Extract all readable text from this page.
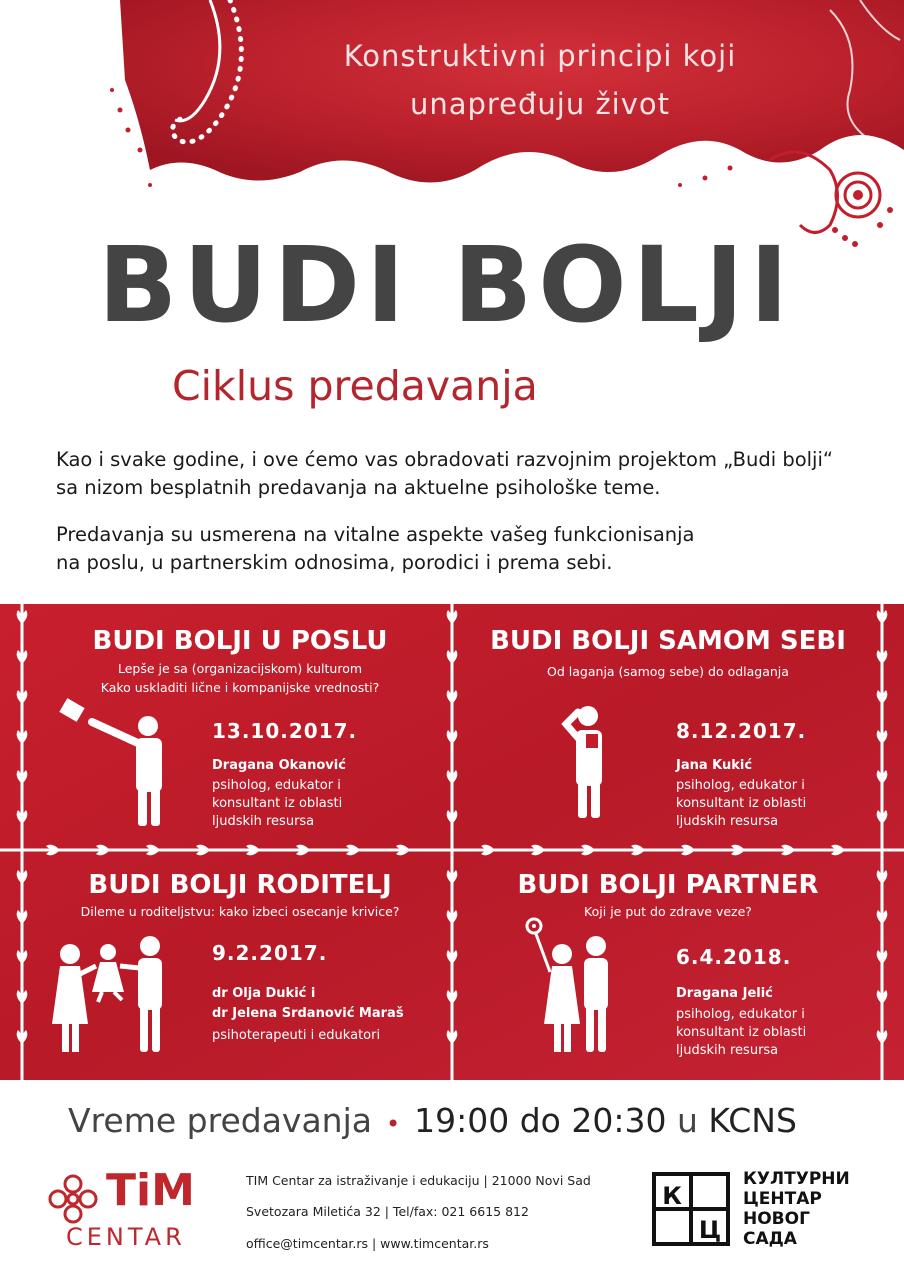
Konstruktivni principi koji
unapređuju život
BUDI BOLJI
Ciklus predavanja
Kao i svake godine, i ove ćemo vas obradovati razvojnim projektom „Budi bolji“
sa nizom besplatnih predavanja na aktuelne psihološke teme.
Predavanja su usmerena na vitalne aspekte vašeg funkcionisanja
na poslu, u partnerskim odnosima, porodici i prema sebi.
BUDI BOLJI U POSLU
Lepše je sa (organizacijskom) kulturom
Kako uskladiti lične i kompanijske vrednosti?
13.10.2017.
Dragana Okanović
psiholog, edukator i
konsultant iz oblasti
ljudskih resursa
BUDI BOLJI SAMOM SEBI
Od laganja (samog sebe) do odlaganja
8.12.2017.
Jana Kukić
psiholog, edukator i
konsultant iz oblasti
ljudskih resursa
BUDI BOLJI RODITELJ
Dileme u roditeljstvu: kako izbeci osecanje krivice?
9.2.2017.
dr Olja Dukić i
dr Jelena Srdanović Maraš
psihoterapeuti i edukatori
BUDI BOLJI PARTNER
Koji je put do zdrave veze?
6.4.2018.
Dragana Jelić
psiholog, edukator i
konsultant iz oblasti
ljudskih resursa
Vreme predavanja • 19:00 do 20:30 u KCNS
TiM
CENTAR
TIM Centar za istraživanje i edukaciju | 21000 Novi Sad
Svetozara Miletića 32 | Tel/fax: 021 6615 812
office@timcentar.rs | www.timcentar.rs
К
Ц
КУЛТУРНИ
ЦЕНТАР
НОВОГ
САДА
